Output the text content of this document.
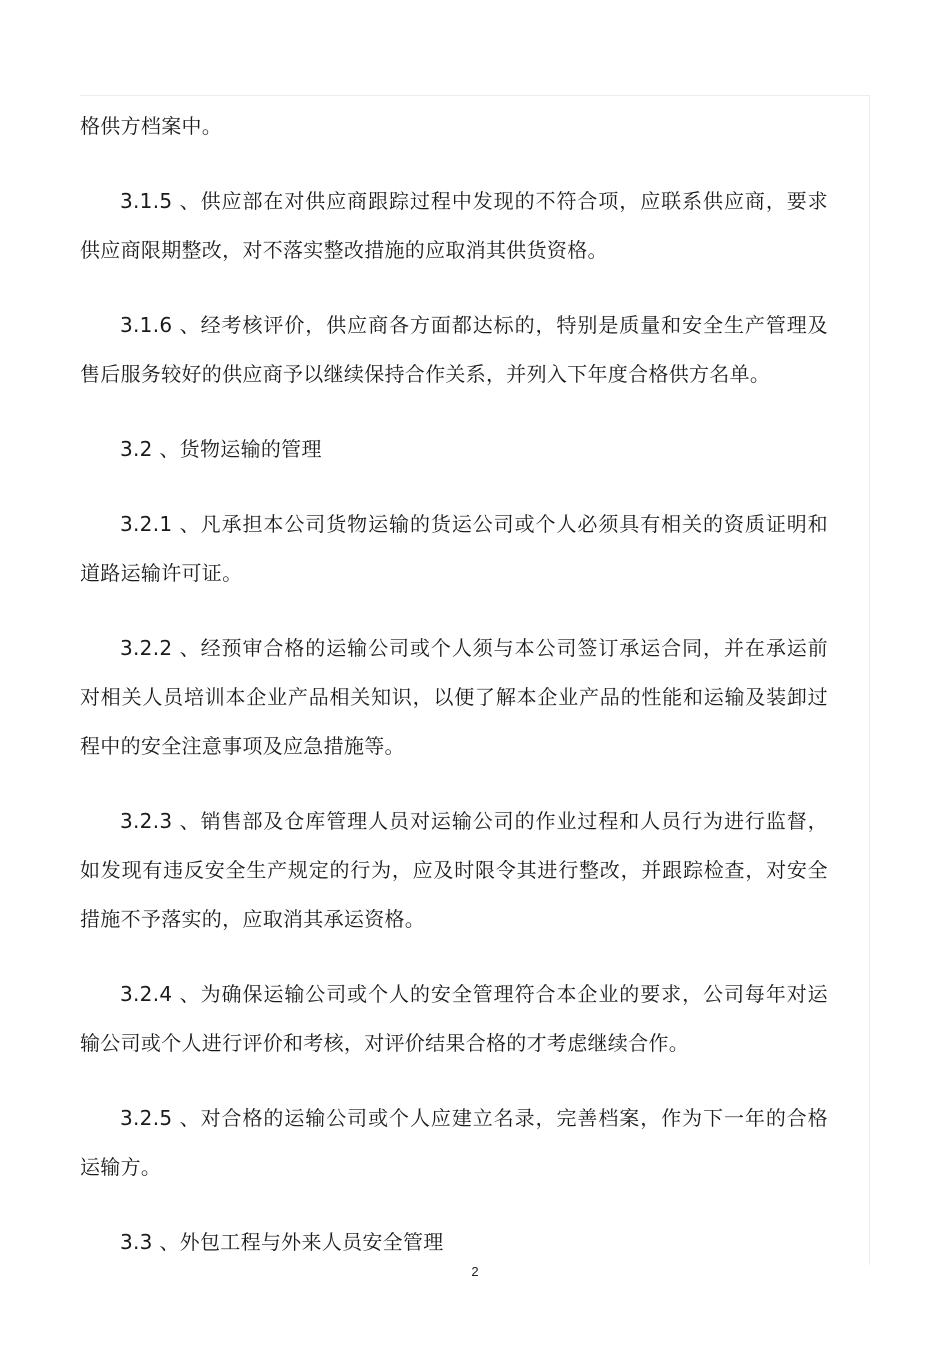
格供方档案中。

3.1.5 、供应部在对供应商跟踪过程中发现的不符合项，应联系供应商，要求供应商限期整改，对不落实整改措施的应取消其供货资格。

3.1.6 、经考核评价，供应商各方面都达标的，特别是质量和安全生产管理及售后服务较好的供应商予以继续保持合作关系，并列入下年度合格供方名单。

3.2 、货物运输的管理

3.2.1 、凡承担本公司货物运输的货运公司或个人必须具有相关的资质证明和道路运输许可证。

3.2.2 、经预审合格的运输公司或个人须与本公司签订承运合同，并在承运前对相关人员培训本企业产品相关知识，以便了解本企业产品的性能和运输及装卸过程中的安全注意事项及应急措施等。

3.2.3 、销售部及仓库管理人员对运输公司的作业过程和人员行为进行监督，如发现有违反安全生产规定的行为，应及时限令其进行整改，并跟踪检查，对安全措施不予落实的，应取消其承运资格。

3.2.4 、为确保运输公司或个人的安全管理符合本企业的要求，公司每年对运输公司或个人进行评价和考核，对评价结果合格的才考虑继续合作。

3.2.5 、对合格的运输公司或个人应建立名录，完善档案，作为下一年的合格运输方。

3.3 、外包工程与外来人员安全管理

2
